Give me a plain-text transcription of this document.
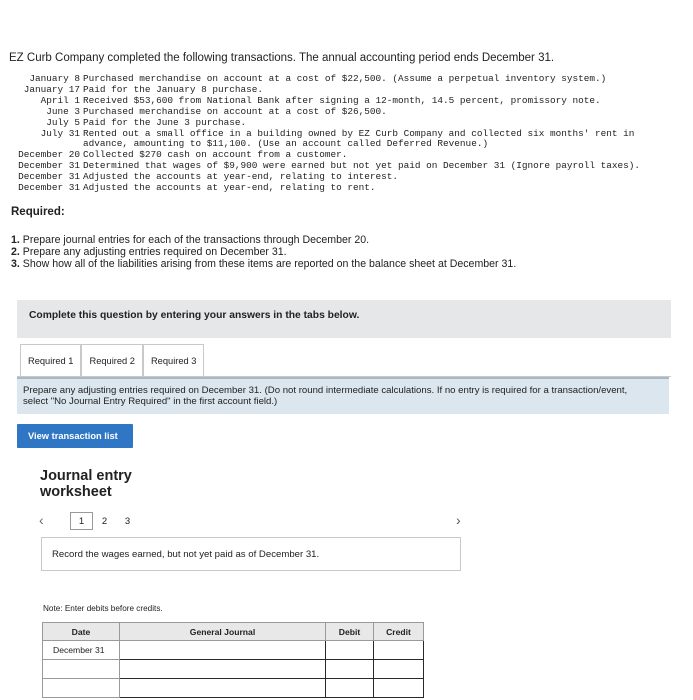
EZ Curb Company completed the following transactions. The annual accounting period ends December 31.
January 8 Purchased merchandise on account at a cost of $22,500. (Assume a perpetual inventory system.)
January 17 Paid for the January 8 purchase.
April 1 Received $53,600 from National Bank after signing a 12-month, 14.5 percent, promissory note.
June 3 Purchased merchandise on account at a cost of $26,500.
July 5 Paid for the June 3 purchase.
July 31 Rented out a small office in a building owned by EZ Curb Company and collected six months' rent in
advance, amounting to $11,100. (Use an account called Deferred Revenue.)
December 20 Collected $270 cash on account from a customer.
December 31 Determined that wages of $9,900 were earned but not yet paid on December 31 (Ignore payroll taxes).
December 31 Adjusted the accounts at year-end, relating to interest.
December 31 Adjusted the accounts at year-end, relating to rent.
Required:
1. Prepare journal entries for each of the transactions through December 20.
2. Prepare any adjusting entries required on December 31.
3. Show how all of the liabilities arising from these items are reported on the balance sheet at December 31.
Complete this question by entering your answers in the tabs below.
Required 1	Required 2	Required 3
Prepare any adjusting entries required on December 31. (Do not round intermediate calculations. If no entry is required for a transaction/event, select "No Journal Entry Required" in the first account field.)
View transaction list
Journal entry
worksheet
‹	1	2	3	›
Record the wages earned, but not yet paid as of December 31.
Note: Enter debits before credits.
Date	General Journal	Debit	Credit
December 31			
